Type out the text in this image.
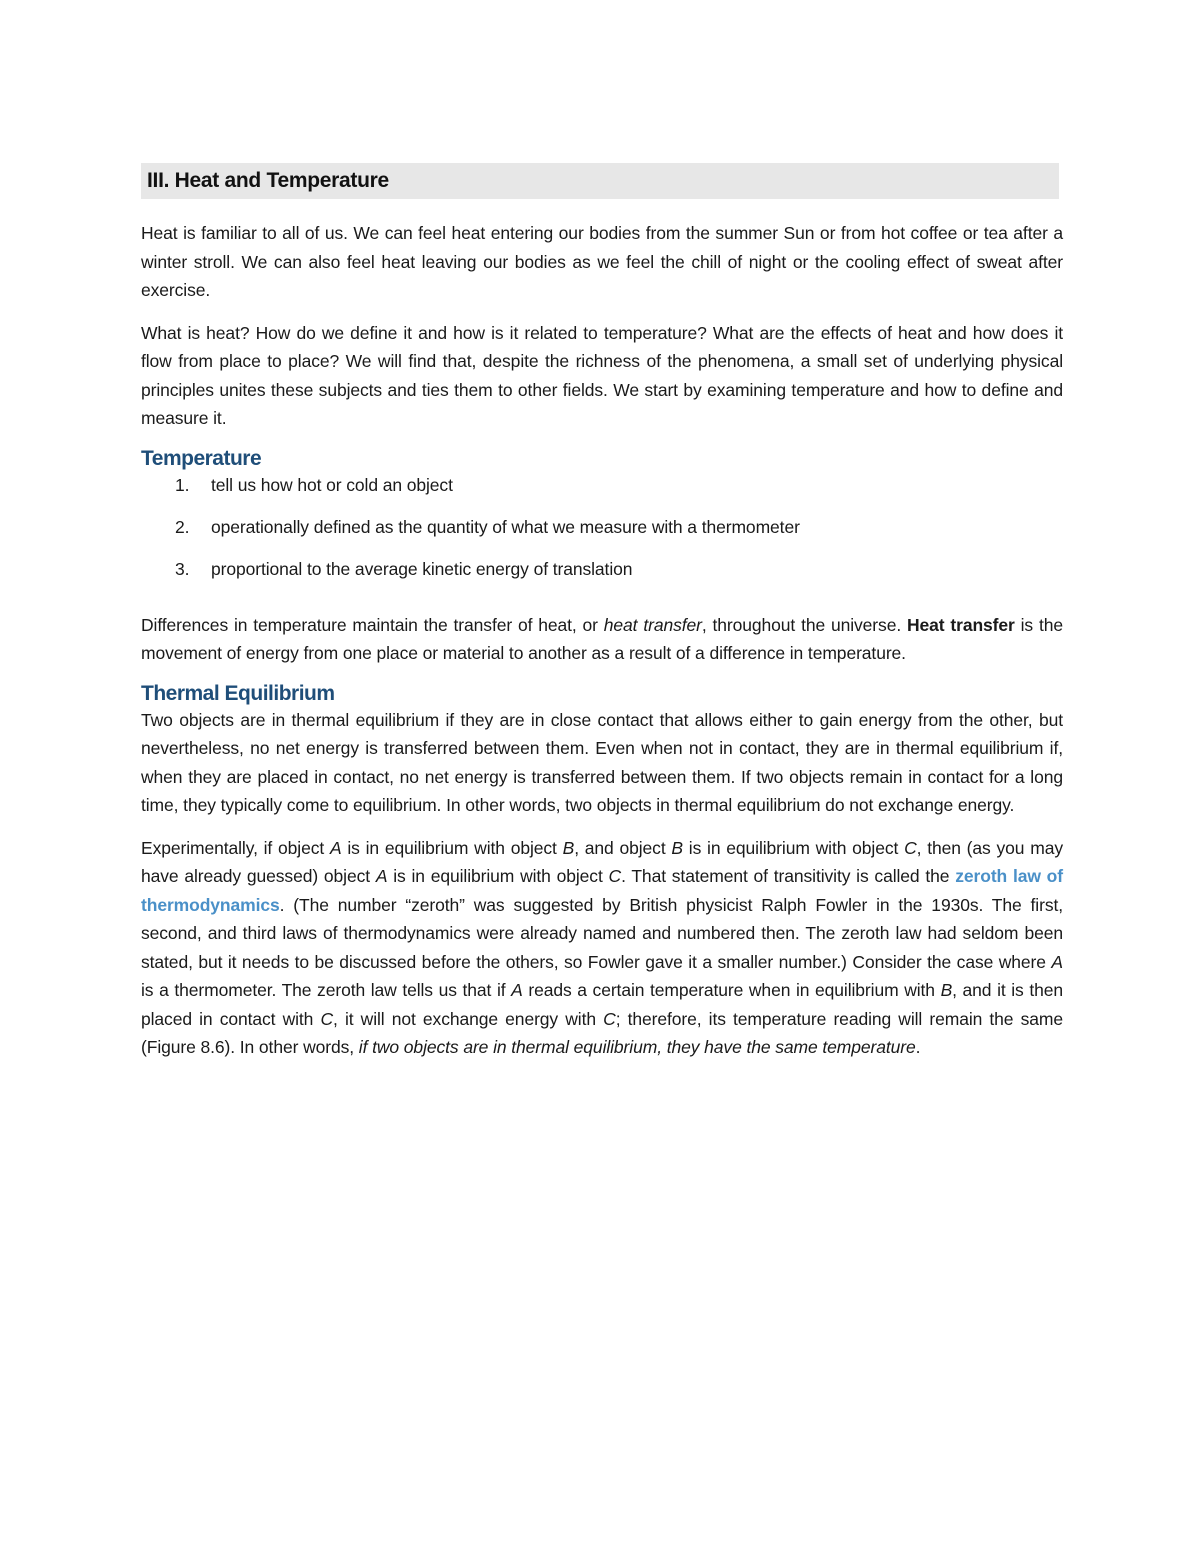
III. Heat and Temperature

Heat is familiar to all of us. We can feel heat entering our bodies from the summer Sun or from hot coffee or tea after a winter stroll. We can also feel heat leaving our bodies as we feel the chill of night or the cooling effect of sweat after exercise.

What is heat? How do we define it and how is it related to temperature? What are the effects of heat and how does it flow from place to place? We will find that, despite the richness of the phenomena, a small set of underlying physical principles unites these subjects and ties them to other fields. We start by examining temperature and how to define and measure it.

Temperature
1.	tell us how hot or cold an object
2.	operationally defined as the quantity of what we measure with a thermometer
3.	proportional to the average kinetic energy of translation

Differences in temperature maintain the transfer of heat, or heat transfer, throughout the universe. Heat transfer is the movement of energy from one place or material to another as a result of a difference in temperature.

Thermal Equilibrium

Two objects are in thermal equilibrium if they are in close contact that allows either to gain energy from the other, but nevertheless, no net energy is transferred between them. Even when not in contact, they are in thermal equilibrium if, when they are placed in contact, no net energy is transferred between them. If two objects remain in contact for a long time, they typically come to equilibrium. In other words, two objects in thermal equilibrium do not exchange energy.

Experimentally, if object A is in equilibrium with object B, and object B is in equilibrium with object C, then (as you may have already guessed) object A is in equilibrium with object C. That statement of transitivity is called the zeroth law of thermodynamics. (The number “zeroth” was suggested by British physicist Ralph Fowler in the 1930s. The first, second, and third laws of thermodynamics were already named and numbered then. The zeroth law had seldom been stated, but it needs to be discussed before the others, so Fowler gave it a smaller number.) Consider the case where A is a thermometer. The zeroth law tells us that if A reads a certain temperature when in equilibrium with B, and it is then placed in contact with C, it will not exchange energy with C; therefore, its temperature reading will remain the same (Figure 8.6). In other words, if two objects are in thermal equilibrium, they have the same temperature.
